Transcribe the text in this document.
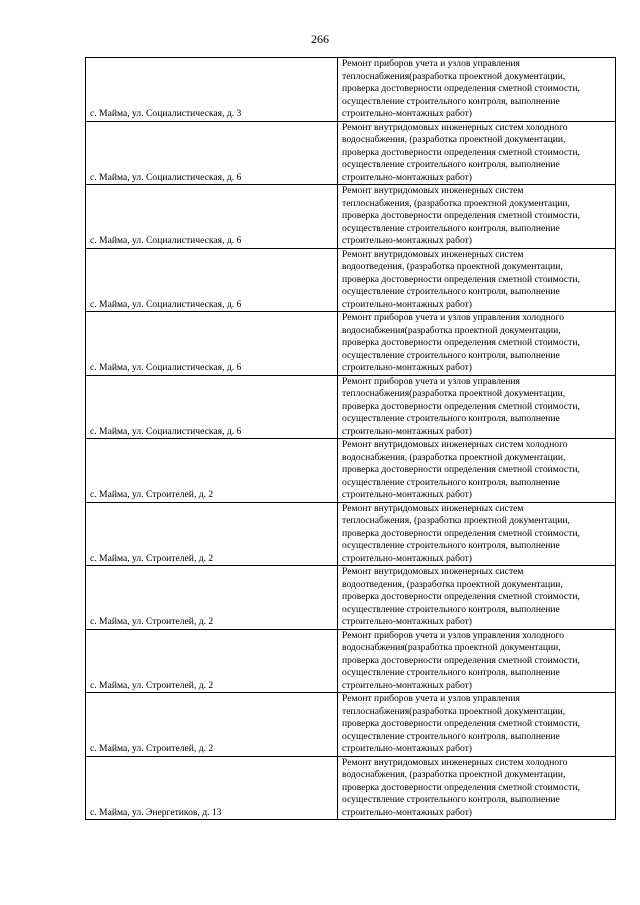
266
с. Майма, ул. Социалистическая, д. 3	Ремонт приборов учета и узлов управления
теплоснабжения(разработка проектной документации,
проверка достоверности определения сметной стоимости,
осуществление строительного контроля, выполнение
строительно-монтажных работ)

с. Майма, ул. Социалистическая, д. 6	Ремонт внутридомовых инженерных систем холодного
водоснабжения, (разработка проектной документации,
проверка достоверности определения сметной стоимости,
осуществление строительного контроля, выполнение
строительно-монтажных работ)

с. Майма, ул. Социалистическая, д. 6	Ремонт внутридомовых инженерных систем
теплоснабжения, (разработка проектной документации,
проверка достоверности определения сметной стоимости,
осуществление строительного контроля, выполнение
строительно-монтажных работ)

с. Майма, ул. Социалистическая, д. 6	Ремонт внутридомовых инженерных систем
водоотведения, (разработка проектной документации,
проверка достоверности определения сметной стоимости,
осуществление строительного контроля, выполнение
строительно-монтажных работ)

с. Майма, ул. Социалистическая, д. 6	Ремонт приборов учета и узлов управления холодного
водоснабжения(разработка проектной документации,
проверка достоверности определения сметной стоимости,
осуществление строительного контроля, выполнение
строительно-монтажных работ)

с. Майма, ул. Социалистическая, д. 6	Ремонт приборов учета и узлов управления
теплоснабжения(разработка проектной документации,
проверка достоверности определения сметной стоимости,
осуществление строительного контроля, выполнение
строительно-монтажных работ)

с. Майма, ул. Строителей, д. 2	Ремонт внутридомовых инженерных систем холодного
водоснабжения, (разработка проектной документации,
проверка достоверности определения сметной стоимости,
осуществление строительного контроля, выполнение
строительно-монтажных работ)

с. Майма, ул. Строителей, д. 2	Ремонт внутридомовых инженерных систем
теплоснабжения, (разработка проектной документации,
проверка достоверности определения сметной стоимости,
осуществление строительного контроля, выполнение
строительно-монтажных работ)

с. Майма, ул. Строителей, д. 2	Ремонт внутридомовых инженерных систем
водоотведения, (разработка проектной документации,
проверка достоверности определения сметной стоимости,
осуществление строительного контроля, выполнение
строительно-монтажных работ)

с. Майма, ул. Строителей, д. 2	Ремонт приборов учета и узлов управления холодного
водоснабжения(разработка проектной документации,
проверка достоверности определения сметной стоимости,
осуществление строительного контроля, выполнение
строительно-монтажных работ)

с. Майма, ул. Строителей, д. 2	Ремонт приборов учета и узлов управления
теплоснабжения(разработка проектной документации,
проверка достоверности определения сметной стоимости,
осуществление строительного контроля, выполнение
строительно-монтажных работ)

с. Майма, ул. Энергетиков, д. 13	Ремонт внутридомовых инженерных систем холодного
водоснабжения, (разработка проектной документации,
проверка достоверности определения сметной стоимости,
осуществление строительного контроля, выполнение
строительно-монтажных работ)
